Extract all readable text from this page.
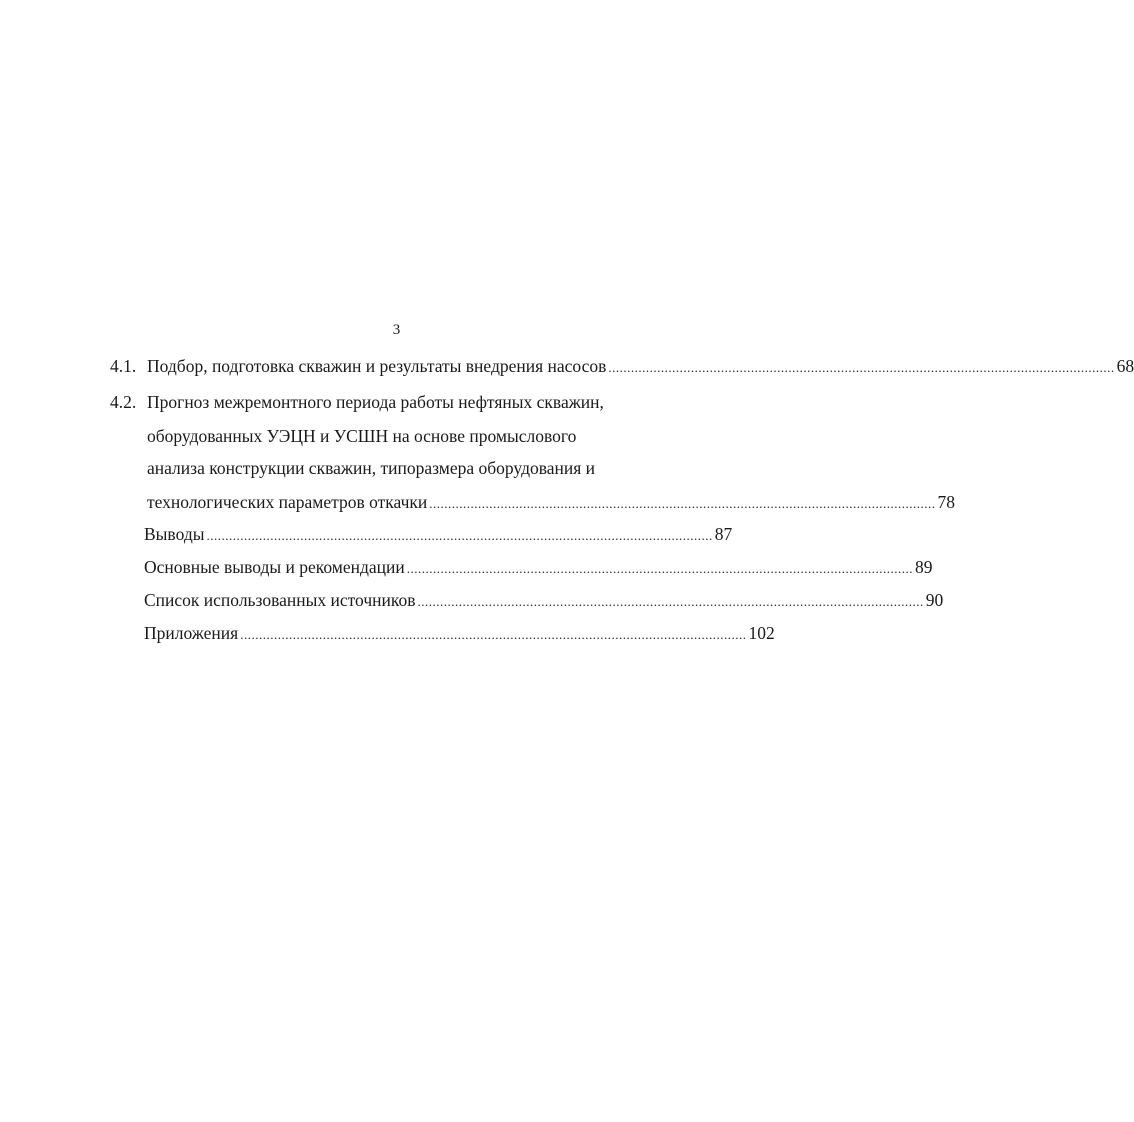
3
4.1. Подбор, подготовка скважин и результаты внедрения насосов ....................................................................................................................................... 68
4.2. Прогноз межремонтного периода работы нефтяных скважин,
оборудованных УЭЦН и УСШН на основе промыслового
анализа конструкции скважин, типоразмера оборудования и
технологических параметров откачки ....................................................................................................................................... 78
Выводы ....................................................................................................................................... 87
Основные выводы и рекомендации ....................................................................................................................................... 89
Список использованных источников ....................................................................................................................................... 90
Приложения ....................................................................................................................................... 102
